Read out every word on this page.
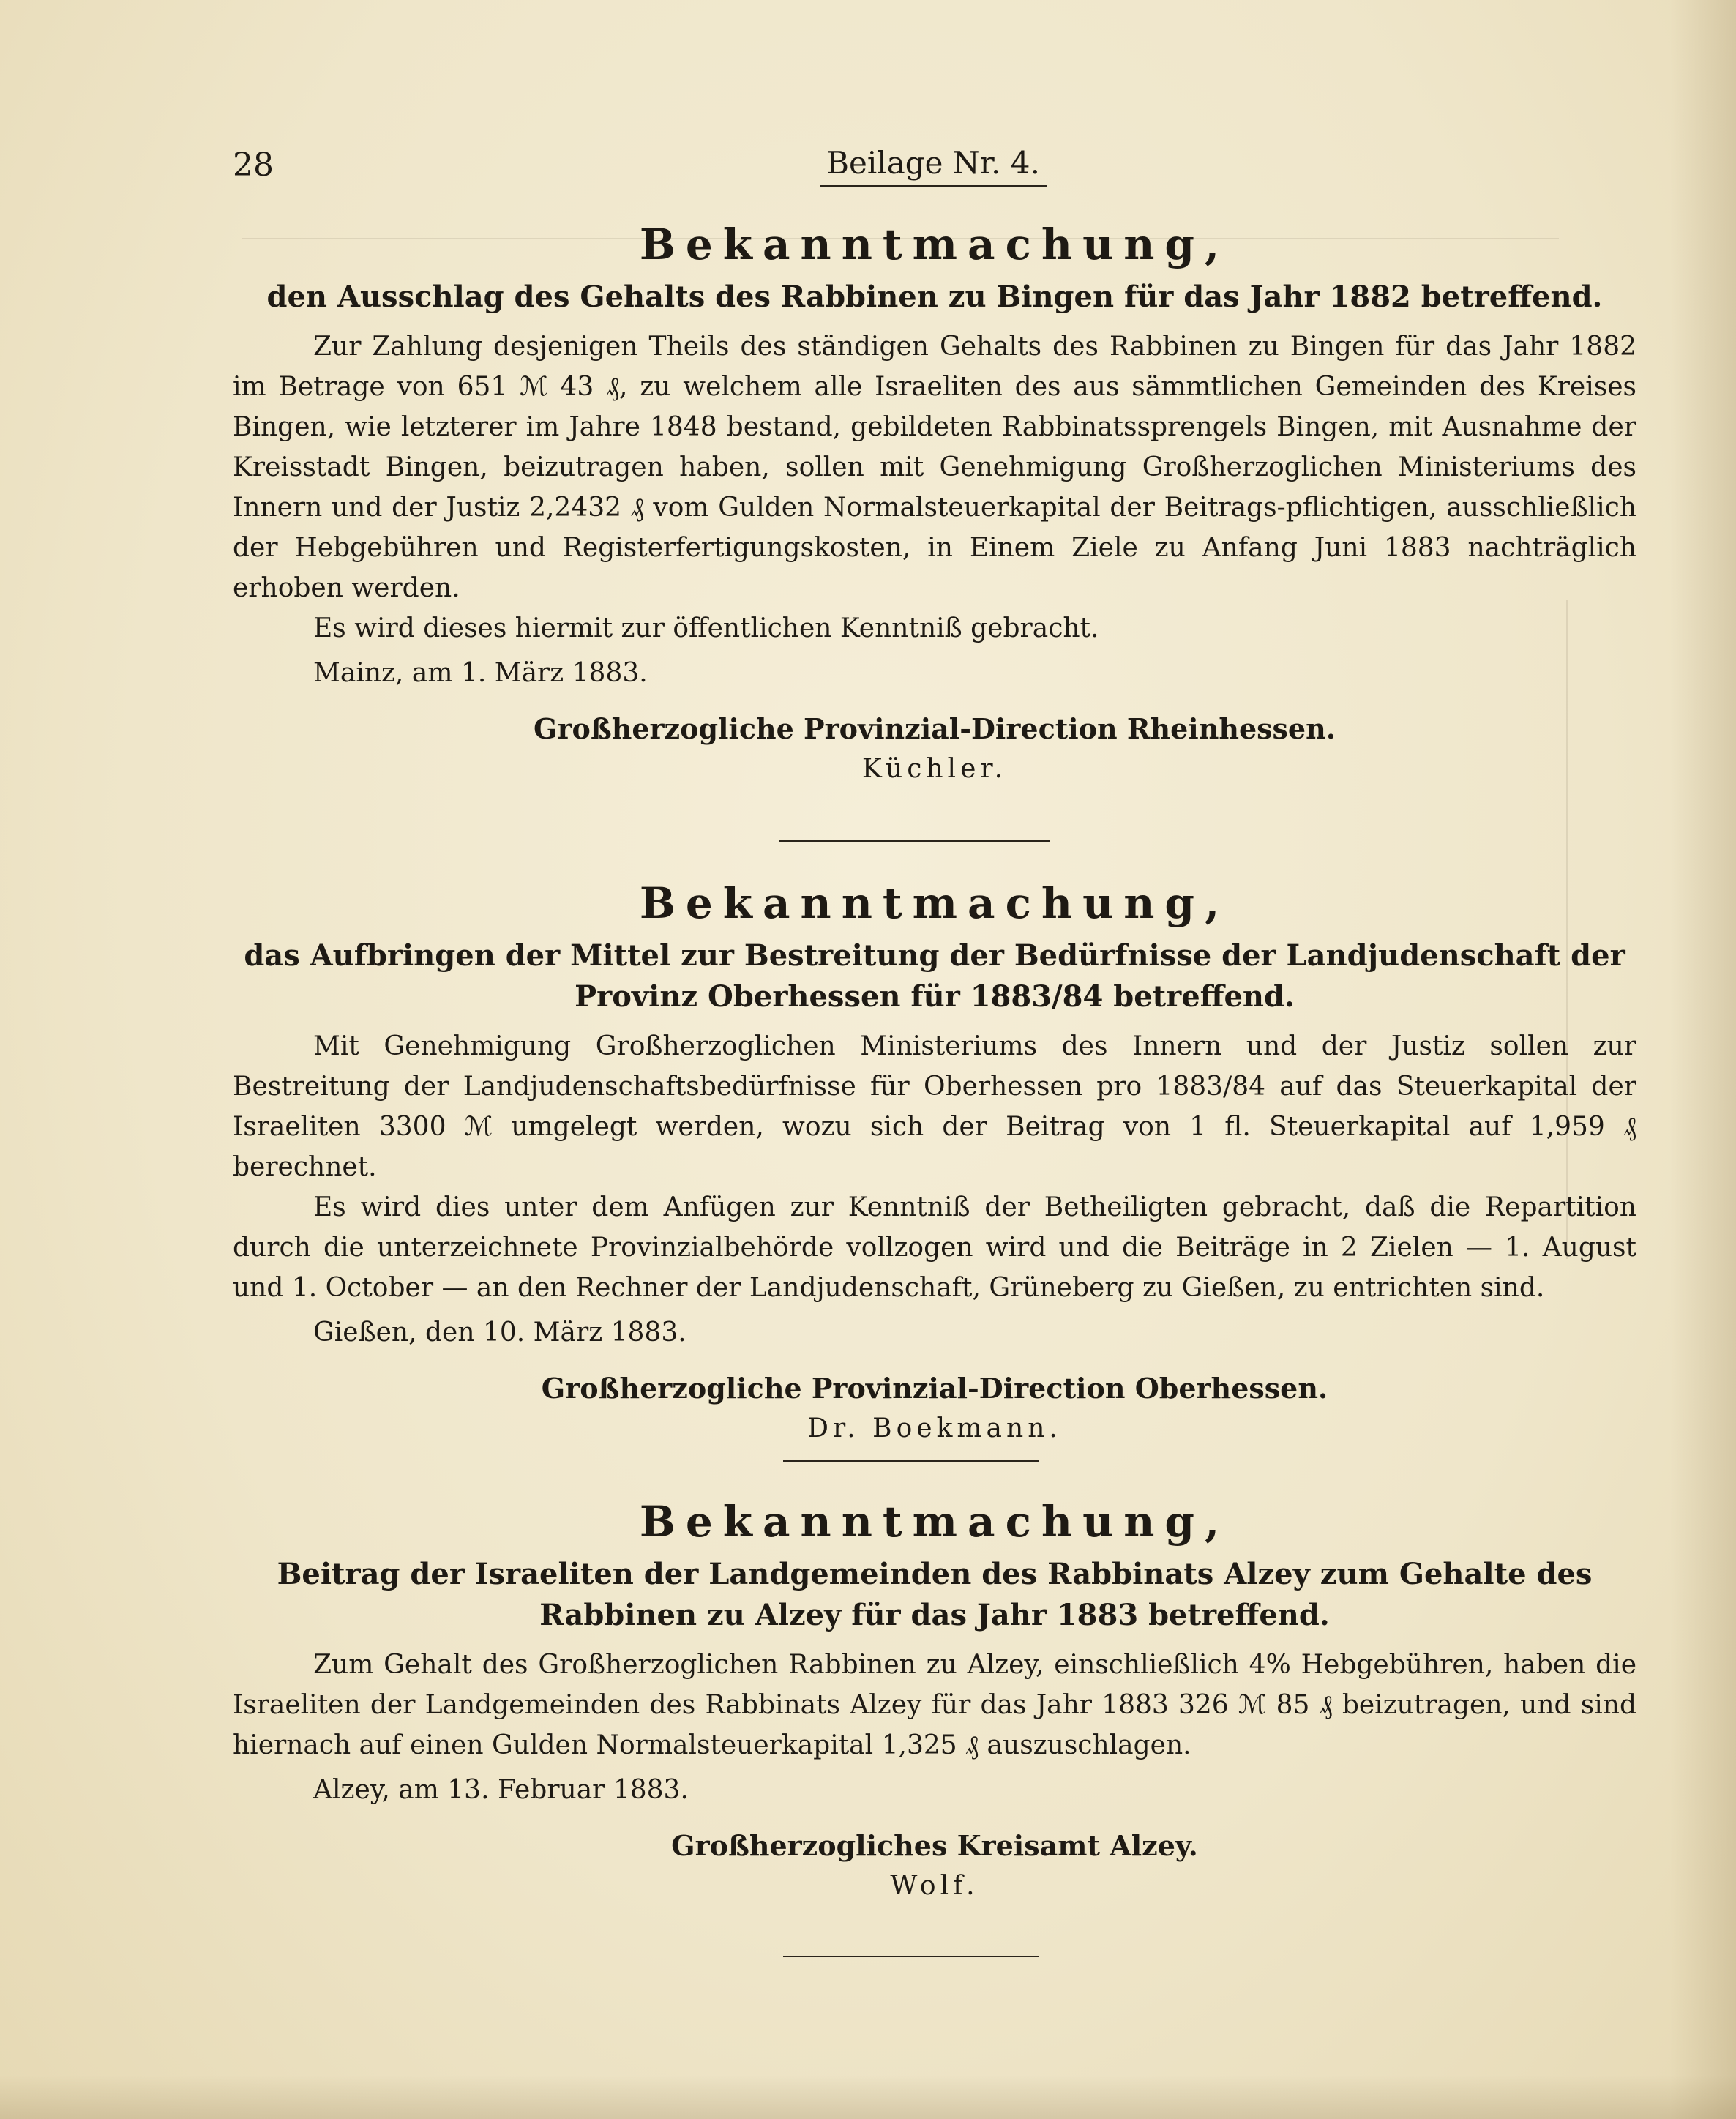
28	Beilage Nr. 4.
Bekanntmachung,
den Ausschlag des Gehalts des Rabbinen zu Bingen für das Jahr 1882 betreffend.

Zur Zahlung desjenigen Theils des ständigen Gehalts des Rabbinen zu Bingen für das Jahr 1882 im Betrage von 651 ℳ 43 ₰, zu welchem alle Israeliten des aus sämmtlichen Gemeinden des Kreises Bingen, wie letzterer im Jahre 1848 bestand, gebildeten Rabbinatssprengels Bingen, mit Ausnahme der Kreisstadt Bingen, beizutragen haben, sollen mit Genehmigung Großherzoglichen Ministeriums des Innern und der Justiz 2,2432 ₰ vom Gulden Normalsteuerkapital der Beitrags-pflichtigen, ausschließlich der Hebgebühren und Registerfertigungskosten, in Einem Ziele zu Anfang Juni 1883 nachträglich erhoben werden.

Es wird dieses hiermit zur öffentlichen Kenntniß gebracht.

Mainz, am 1. März 1883.
Großherzogliche Provinzial-Direction Rheinhessen.
Küchler.
Bekanntmachung,
das Aufbringen der Mittel zur Bestreitung der Bedürfnisse der Landjudenschaft der Provinz Oberhessen für 1883/84 betreffend.

Mit Genehmigung Großherzoglichen Ministeriums des Innern und der Justiz sollen zur Bestreitung der Landjudenschaftsbedürfnisse für Oberhessen pro 1883/84 auf das Steuerkapital der Israeliten 3300 ℳ umgelegt werden, wozu sich der Beitrag von 1 fl. Steuerkapital auf 1,959 ₰ berechnet.

Es wird dies unter dem Anfügen zur Kenntniß der Betheiligten gebracht, daß die Repartition durch die unterzeichnete Provinzialbehörde vollzogen wird und die Beiträge in 2 Zielen — 1. August und 1. October — an den Rechner der Landjudenschaft, Grüneberg zu Gießen, zu entrichten sind.

Gießen, den 10. März 1883.
Großherzogliche Provinzial-Direction Oberhessen.
Dr. Boekmann.
Bekanntmachung,
Beitrag der Israeliten der Landgemeinden des Rabbinats Alzey zum Gehalte des Rabbinen zu Alzey für das Jahr 1883 betreffend.

Zum Gehalt des Großherzoglichen Rabbinen zu Alzey, einschließlich 4% Hebgebühren, haben die Israeliten der Landgemeinden des Rabbinats Alzey für das Jahr 1883 326 ℳ 85 ₰ beizutragen, und sind hiernach auf einen Gulden Normalsteuerkapital 1,325 ₰ auszuschlagen.

Alzey, am 13. Februar 1883.
Großherzogliches Kreisamt Alzey.
Wolf.
